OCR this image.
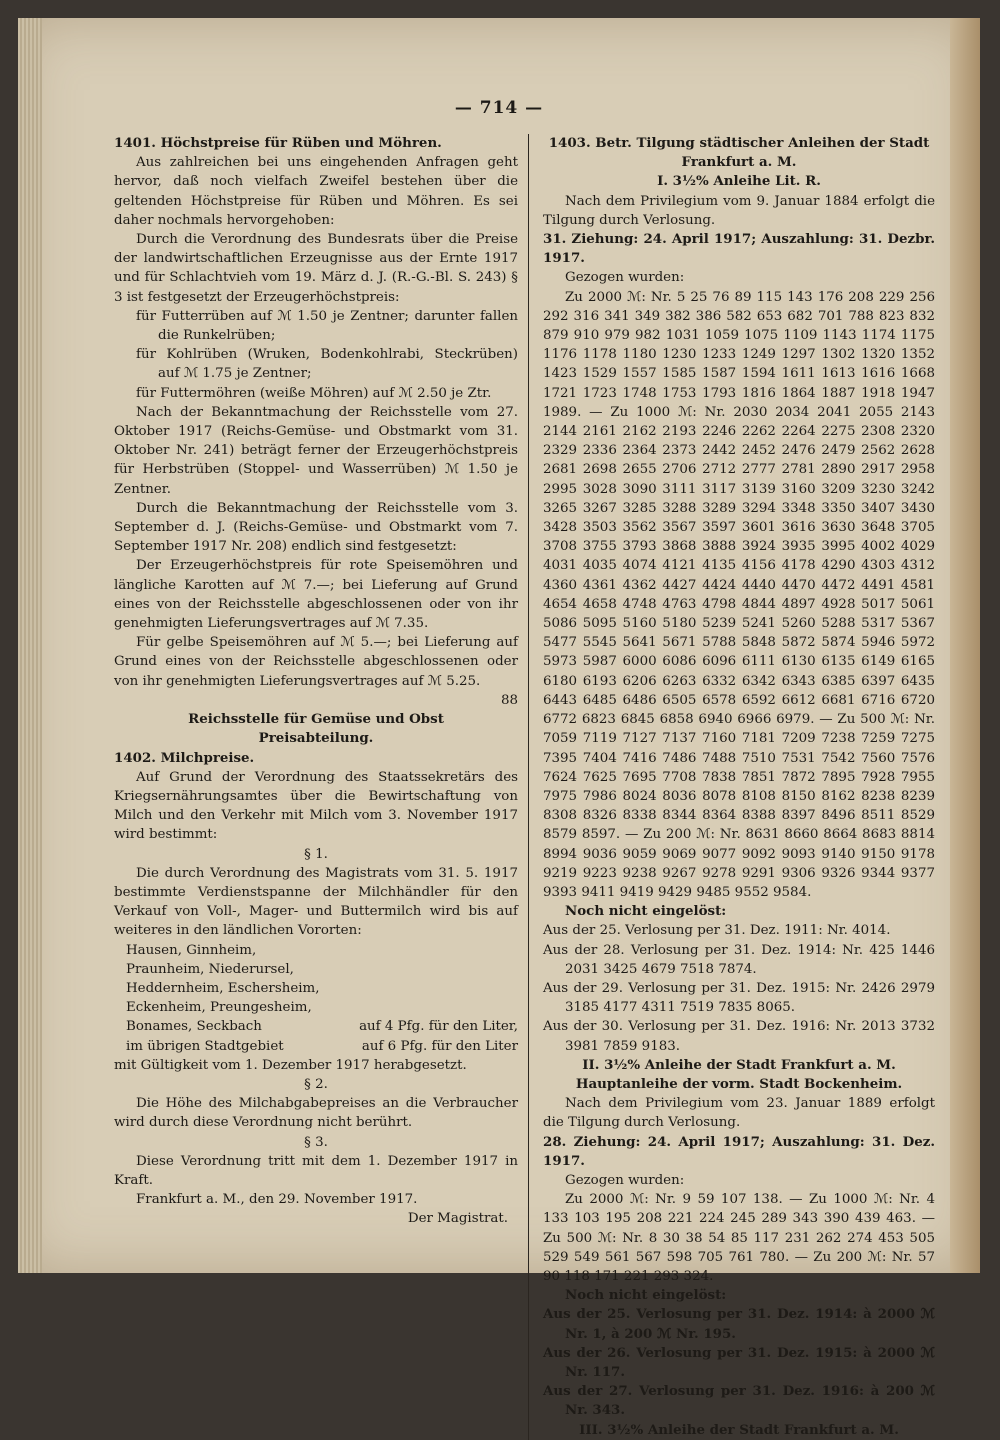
— 714 —

1401. Höchstpreise für Rüben und Möhren.

Aus zahlreichen bei uns eingehenden Anfragen geht hervor, daß noch vielfach Zweifel bestehen über die geltenden Höchstpreise für Rüben und Möhren. Es sei daher nochmals hervorgehoben:

Durch die Verordnung des Bundesrats über die Preise der landwirtschaftlichen Erzeugnisse aus der Ernte 1917 und für Schlachtvieh vom 19. März d. J. (R.-G.-Bl. S. 243) § 3 ist festgesetzt der Erzeugerhöchstpreis:

für Futterrüben auf ℳ 1.50 je Zentner; darunter fallen die Runkelrüben;

für Kohlrüben (Wruken, Bodenkohlrabi, Steckrüben) auf ℳ 1.75 je Zentner;

für Futtermöhren (weiße Möhren) auf ℳ 2.50 je Ztr.

Nach der Bekanntmachung der Reichsstelle vom 27. Oktober 1917 (Reichs-Gemüse- und Obstmarkt vom 31. Oktober Nr. 241) beträgt ferner der Erzeugerhöchstpreis für Herbstrüben (Stoppel- und Wasserrüben) ℳ 1.50 je Zentner.

Durch die Bekanntmachung der Reichsstelle vom 3. September d. J. (Reichs-Gemüse- und Obstmarkt vom 7. September 1917 Nr. 208) endlich sind festgesetzt:

Der Erzeugerhöchstpreis für rote Speisemöhren und längliche Karotten auf ℳ 7.—; bei Lieferung auf Grund eines von der Reichsstelle abgeschlossenen oder von ihr genehmigten Lieferungsvertrages auf ℳ 7.35.

Für gelbe Speisemöhren auf ℳ 5.—; bei Lieferung auf Grund eines von der Reichsstelle abgeschlossenen oder von ihr genehmigten Lieferungsvertrages auf ℳ 5.25.

88

Reichsstelle für Gemüse und Obst

Preisabteilung.

1402. Milchpreise.

Auf Grund der Verordnung des Staatssekretärs des Kriegsernährungsamtes über die Bewirtschaftung von Milch und den Verkehr mit Milch vom 3. November 1917 wird bestimmt:

§ 1.

Die durch Verordnung des Magistrats vom 31. 5. 1917 bestimmte Verdienstspanne der Milchhändler für den Verkauf von Voll-, Mager- und Buttermilch wird bis auf weiteres in den ländlichen Vororten:

Hausen, Ginnheim, Praunheim, Niederursel, Heddernheim, Eschersheim, Eckenheim, Preungesheim, Bonames, Seckbach	auf 4 Pfg. für den Liter,

im übrigen Stadtgebiet	auf 6 Pfg. für den Liter

mit Gültigkeit vom 1. Dezember 1917 herabgesetzt.

§ 2.

Die Höhe des Milchabgabepreises an die Verbraucher wird durch diese Verordnung nicht berührt.

§ 3.

Diese Verordnung tritt mit dem 1. Dezember 1917 in Kraft.

Frankfurt a. M., den 29. November 1917.

Der Magistrat.

1403. Betr. Tilgung städtischer Anleihen der Stadt Frankfurt a. M.

I. 3½% Anleihe Lit. R.

Nach dem Privilegium vom 9. Januar 1884 erfolgt die Tilgung durch Verlosung.

31. Ziehung: 24. April 1917; Auszahlung: 31. Dezbr. 1917.

Gezogen wurden:

Zu 2000 ℳ: Nr. 5 25 76 89 115 143 176 208 229 256 292 316 341 349 382 386 582 653 682 701 788 823 832 879 910 979 982 1031 1059 1075 1109 1143 1174 1175 1176 1178 1180 1230 1233 1249 1297 1302 1320 1352 1423 1529 1557 1585 1587 1594 1611 1613 1616 1668 1721 1723 1748 1753 1793 1816 1864 1887 1918 1947 1989. — Zu 1000 ℳ: Nr. 2030 2034 2041 2055 2143 2144 2161 2162 2193 2246 2262 2264 2275 2308 2320 2329 2336 2364 2373 2442 2452 2476 2479 2562 2628 2681 2698 2655 2706 2712 2777 2781 2890 2917 2958 2995 3028 3090 3111 3117 3139 3160 3209 3230 3242 3265 3267 3285 3288 3289 3294 3348 3350 3407 3430 3428 3503 3562 3567 3597 3601 3616 3630 3648 3705 3708 3755 3793 3868 3888 3924 3935 3995 4002 4029 4031 4035 4074 4121 4135 4156 4178 4290 4303 4312 4360 4361 4362 4427 4424 4440 4470 4472 4491 4581 4654 4658 4748 4763 4798 4844 4897 4928 5017 5061 5086 5095 5160 5180 5239 5241 5260 5288 5317 5367 5477 5545 5641 5671 5788 5848 5872 5874 5946 5972 5973 5987 6000 6086 6096 6111 6130 6135 6149 6165 6180 6193 6206 6263 6332 6342 6343 6385 6397 6435 6443 6485 6486 6505 6578 6592 6612 6681 6716 6720 6772 6823 6845 6858 6940 6966 6979. — Zu 500 ℳ: Nr. 7059 7119 7127 7137 7160 7181 7209 7238 7259 7275 7395 7404 7416 7486 7488 7510 7531 7542 7560 7576 7624 7625 7695 7708 7838 7851 7872 7895 7928 7955 7975 7986 8024 8036 8078 8108 8150 8162 8238 8239 8308 8326 8338 8344 8364 8388 8397 8496 8511 8529 8579 8597. — Zu 200 ℳ: Nr. 8631 8660 8664 8683 8814 8994 9036 9059 9069 9077 9092 9093 9140 9150 9178 9219 9223 9238 9267 9278 9291 9306 9326 9344 9377 9393 9411 9419 9429 9485 9552 9584.

Noch nicht eingelöst:

Aus der 25. Verlosung per 31. Dez. 1911: Nr. 4014.

Aus der 28. Verlosung per 31. Dez. 1914: Nr. 425 1446 2031 3425 4679 7518 7874.

Aus der 29. Verlosung per 31. Dez. 1915: Nr. 2426 2979 3185 4177 4311 7519 7835 8065.

Aus der 30. Verlosung per 31. Dez. 1916: Nr. 2013 3732 3981 7859 9183.

II. 3½% Anleihe der Stadt Frankfurt a. M. Hauptanleihe der vorm. Stadt Bockenheim.

Nach dem Privilegium vom 23. Januar 1889 erfolgt die Tilgung durch Verlosung.

28. Ziehung: 24. April 1917; Auszahlung: 31. Dez. 1917.

Gezogen wurden:

Zu 2000 ℳ: Nr. 9 59 107 138. — Zu 1000 ℳ: Nr. 4 133 103 195 208 221 224 245 289 343 390 439 463. — Zu 500 ℳ: Nr. 8 30 38 54 85 117 231 262 274 453 505 529 549 561 567 598 705 761 780. — Zu 200 ℳ: Nr. 57 90 118 171 221 293 324.

Noch nicht eingelöst:

Aus der 25. Verlosung per 31. Dez. 1914: à 2000 ℳ Nr. 1, à 200 ℳ Nr. 195.

Aus der 26. Verlosung per 31. Dez. 1915: à 2000 ℳ Nr. 117.

Aus der 27. Verlosung per 31. Dez. 1916: à 200 ℳ Nr. 343.

III. 3½% Anleihe der Stadt Frankfurt a. M.
